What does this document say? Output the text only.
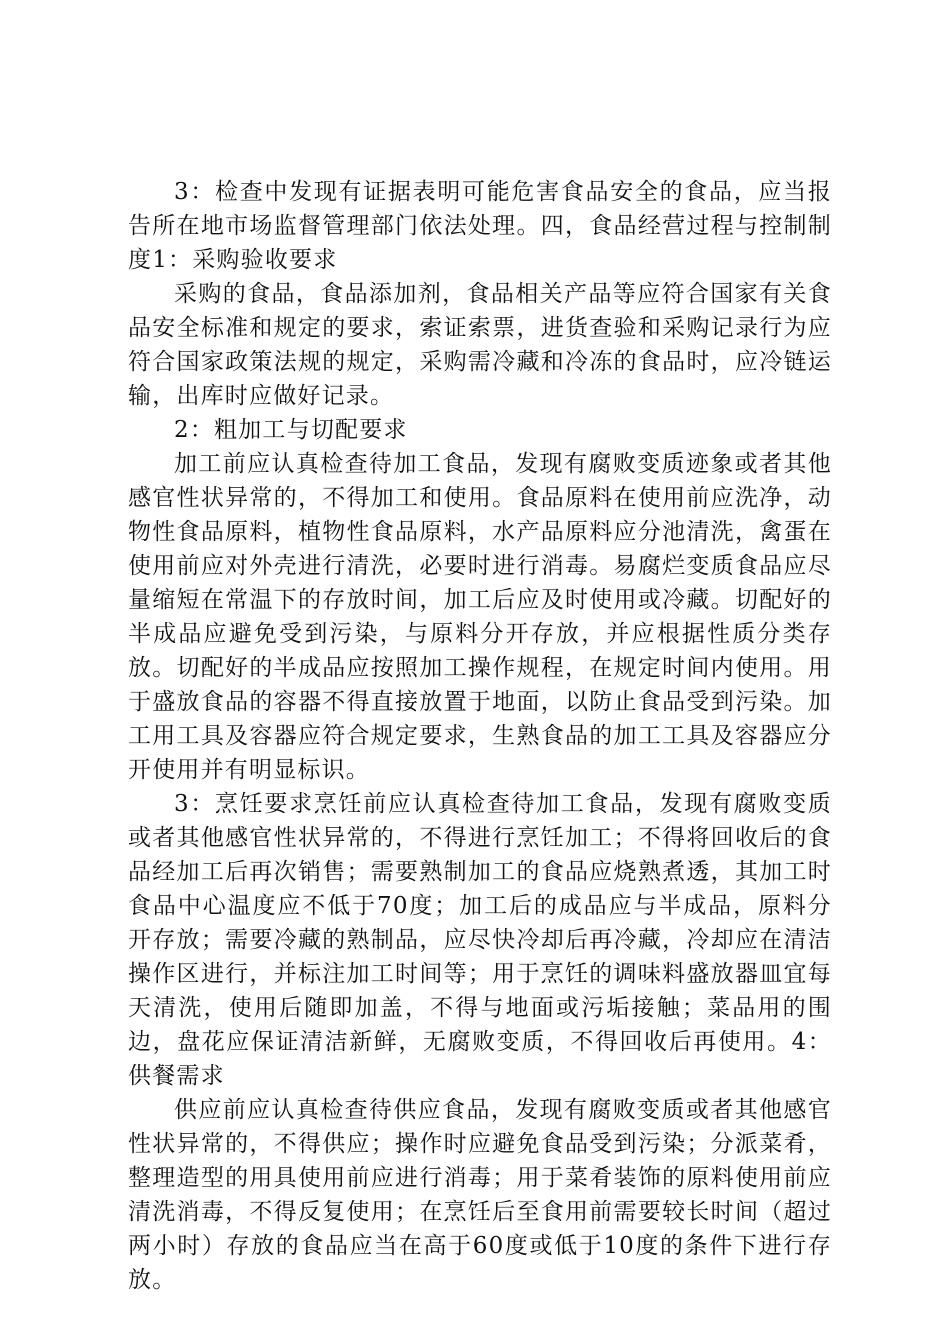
3：检查中发现有证据表明可能危害食品安全的食品，应当报告所在地市场监督管理部门依法处理。四，食品经营过程与控制制度1：采购验收要求

采购的食品，食品添加剂，食品相关产品等应符合国家有关食品安全标准和规定的要求，索证索票，进货查验和采购记录行为应符合国家政策法规的规定，采购需冷藏和冷冻的食品时，应冷链运输，出库时应做好记录。

2：粗加工与切配要求

加工前应认真检查待加工食品，发现有腐败变质迹象或者其他感官性状异常的，不得加工和使用。食品原料在使用前应洗净，动物性食品原料，植物性食品原料，水产品原料应分池清洗，禽蛋在使用前应对外壳进行清洗，必要时进行消毒。易腐烂变质食品应尽量缩短在常温下的存放时间，加工后应及时使用或冷藏。切配好的半成品应避免受到污染，与原料分开存放，并应根据性质分类存放。切配好的半成品应按照加工操作规程，在规定时间内使用。用于盛放食品的容器不得直接放置于地面，以防止食品受到污染。加工用工具及容器应符合规定要求，生熟食品的加工工具及容器应分开使用并有明显标识。

3：烹饪要求烹饪前应认真检查待加工食品，发现有腐败变质或者其他感官性状异常的，不得进行烹饪加工；不得将回收后的食品经加工后再次销售；需要熟制加工的食品应烧熟煮透，其加工时食品中心温度应不低于70度；加工后的成品应与半成品，原料分开存放；需要冷藏的熟制品，应尽快冷却后再冷藏，冷却应在清洁操作区进行，并标注加工时间等；用于烹饪的调味料盛放器皿宜每天清洗，使用后随即加盖，不得与地面或污垢接触；菜品用的围边，盘花应保证清洁新鲜，无腐败变质，不得回收后再使用。4：供餐需求

供应前应认真检查待供应食品，发现有腐败变质或者其他感官性状异常的，不得供应；操作时应避免食品受到污染；分派菜肴，整理造型的用具使用前应进行消毒；用于菜肴装饰的原料使用前应清洗消毒，不得反复使用；在烹饪后至食用前需要较长时间（超过两小时）存放的食品应当在高于60度或低于10度的条件下进行存放。
